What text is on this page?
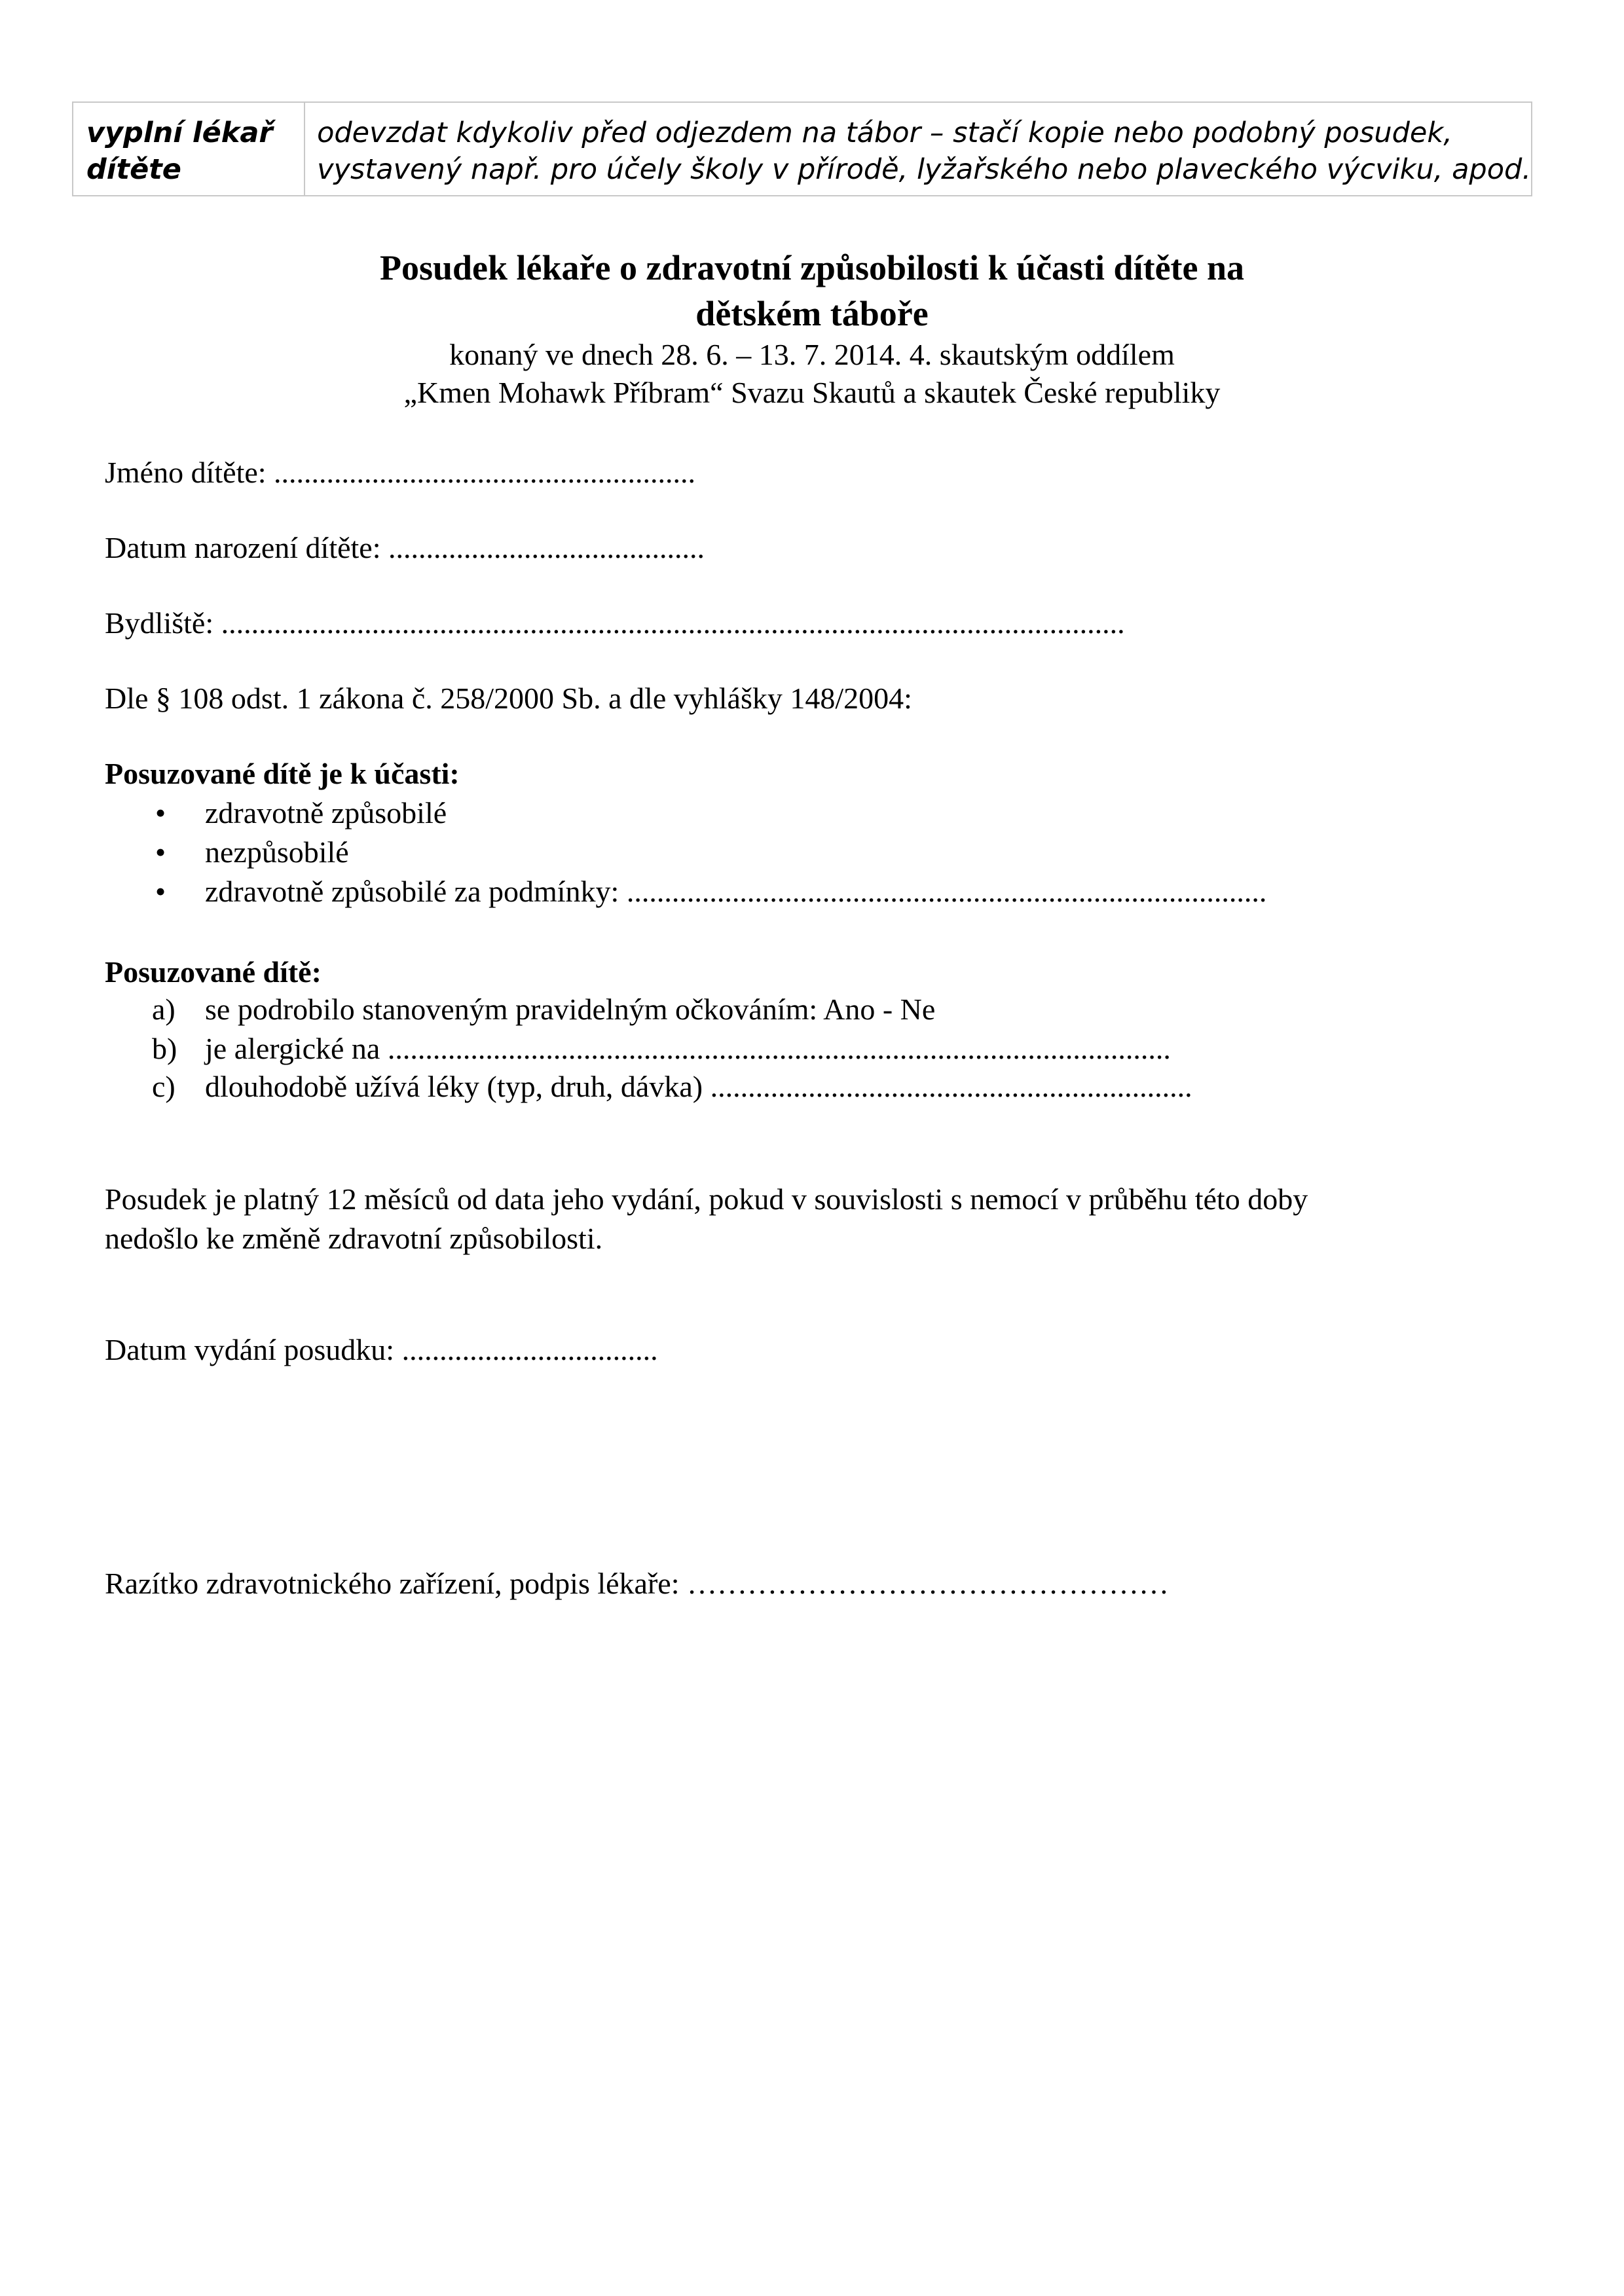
vyplní lékař
dítěte
odevzdat kdykoliv před odjezdem na tábor – stačí kopie nebo podobný posudek,
vystavený např. pro účely školy v přírodě, lyžařského nebo plaveckého výcviku, apod.
Posudek lékaře o zdravotní způsobilosti k účasti dítěte na
dětském táboře
konaný ve dnech 28. 6. – 13. 7. 2014. 4. skautským oddílem
„Kmen Mohawk Příbram“ Svazu Skautů a skautek České republiky
Jméno dítěte: ........................................................
Datum narození dítěte: ..........................................
Bydliště: ........................................................................................................................
Dle § 108 odst. 1 zákona č. 258/2000 Sb. a dle vyhlášky 148/2004:
Posuzované dítě je k účasti:
• zdravotně způsobilé
• nezpůsobilé
• zdravotně způsobilé za podmínky: .....................................................................................
Posuzované dítě:
a) se podrobilo stanoveným pravidelným očkováním: Ano - Ne
b) je alergické na ........................................................................................................
c) dlouhodobě užívá léky (typ, druh, dávka) ................................................................
Posudek je platný 12 měsíců od data jeho vydání, pokud v souvislosti s nemocí v průběhu této doby
nedošlo ke změně zdravotní způsobilosti.
Datum vydání posudku: ..................................
Razítko zdravotnického zařízení, podpis lékaře: …………………………………………
